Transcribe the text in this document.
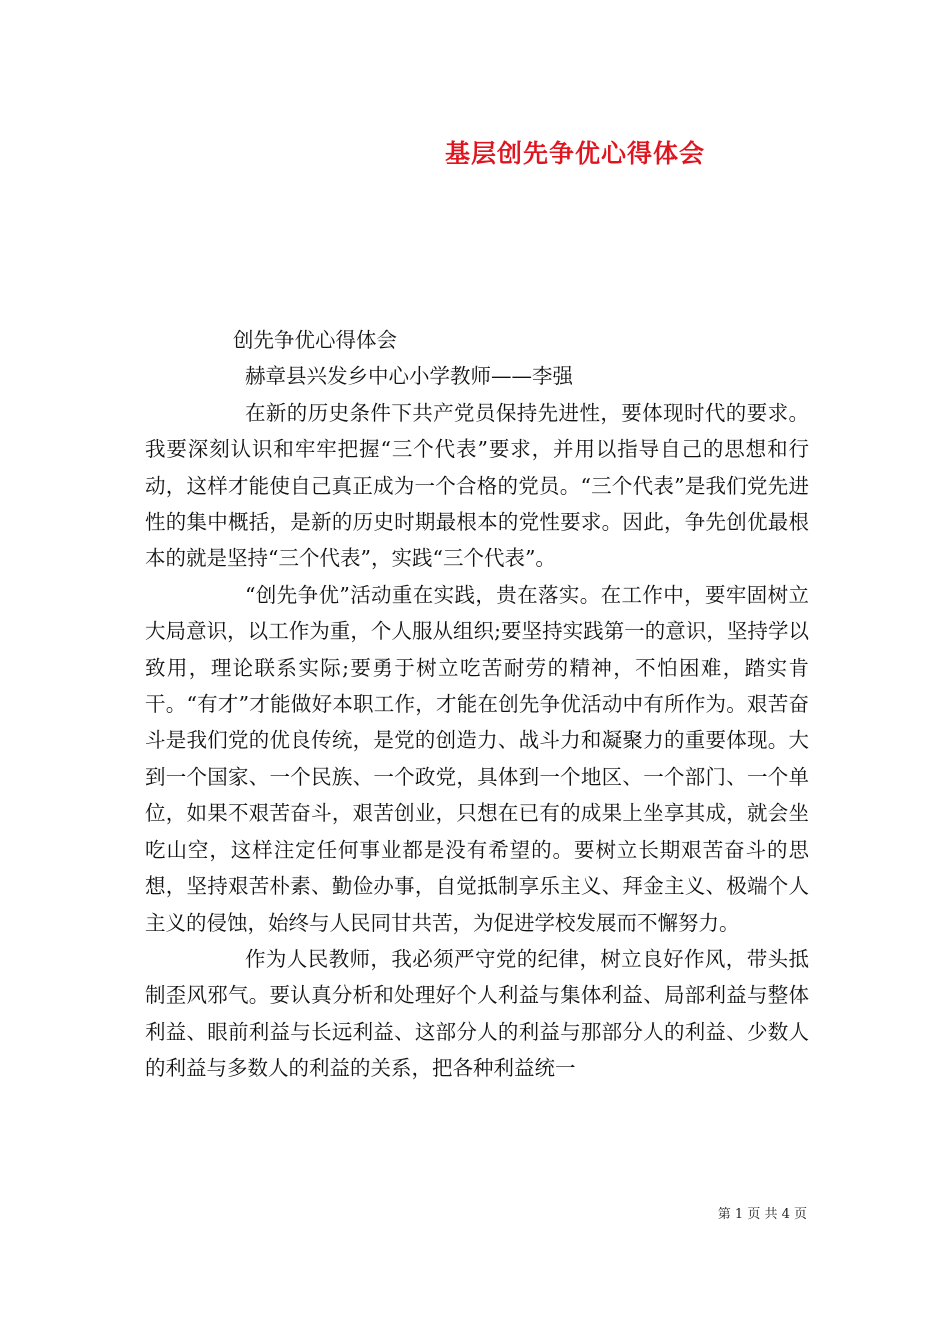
基层创先争优心得体会

创先争优心得体会

赫章县兴发乡中心小学教师——李强

在新的历史条件下共产党员保持先进性，要体现时代的要求。我要深刻认识和牢牢把握“三个代表”要求，并用以指导自己的思想和行动，这样才能使自己真正成为一个合格的党员。“三个代表”是我们党先进性的集中概括，是新的历史时期最根本的党性要求。因此，争先创优最根本的就是坚持“三个代表”，实践“三个代表”。

“创先争优”活动重在实践，贵在落实。在工作中，要牢固树立大局意识，以工作为重，个人服从组织;要坚持实践第一的意识，坚持学以致用，理论联系实际;要勇于树立吃苦耐劳的精神，不怕困难，踏实肯干。“有才”才能做好本职工作，才能在创先争优活动中有所作为。艰苦奋斗是我们党的优良传统，是党的创造力、战斗力和凝聚力的重要体现。大到一个国家、一个民族、一个政党，具体到一个地区、一个部门、一个单位，如果不艰苦奋斗，艰苦创业，只想在已有的成果上坐享其成，就会坐吃山空，这样注定任何事业都是没有希望的。要树立长期艰苦奋斗的思想，坚持艰苦朴素、勤俭办事，自觉抵制享乐主义、拜金主义、极端个人主义的侵蚀，始终与人民同甘共苦，为促进学校发展而不懈努力。

作为人民教师，我必须严守党的纪律，树立良好作风，带头抵制歪风邪气。要认真分析和处理好个人利益与集体利益、局部利益与整体利益、眼前利益与长远利益、这部分人的利益与那部分人的利益、少数人的利益与多数人的利益的关系，把各种利益统一

第 1 页 共 4 页
